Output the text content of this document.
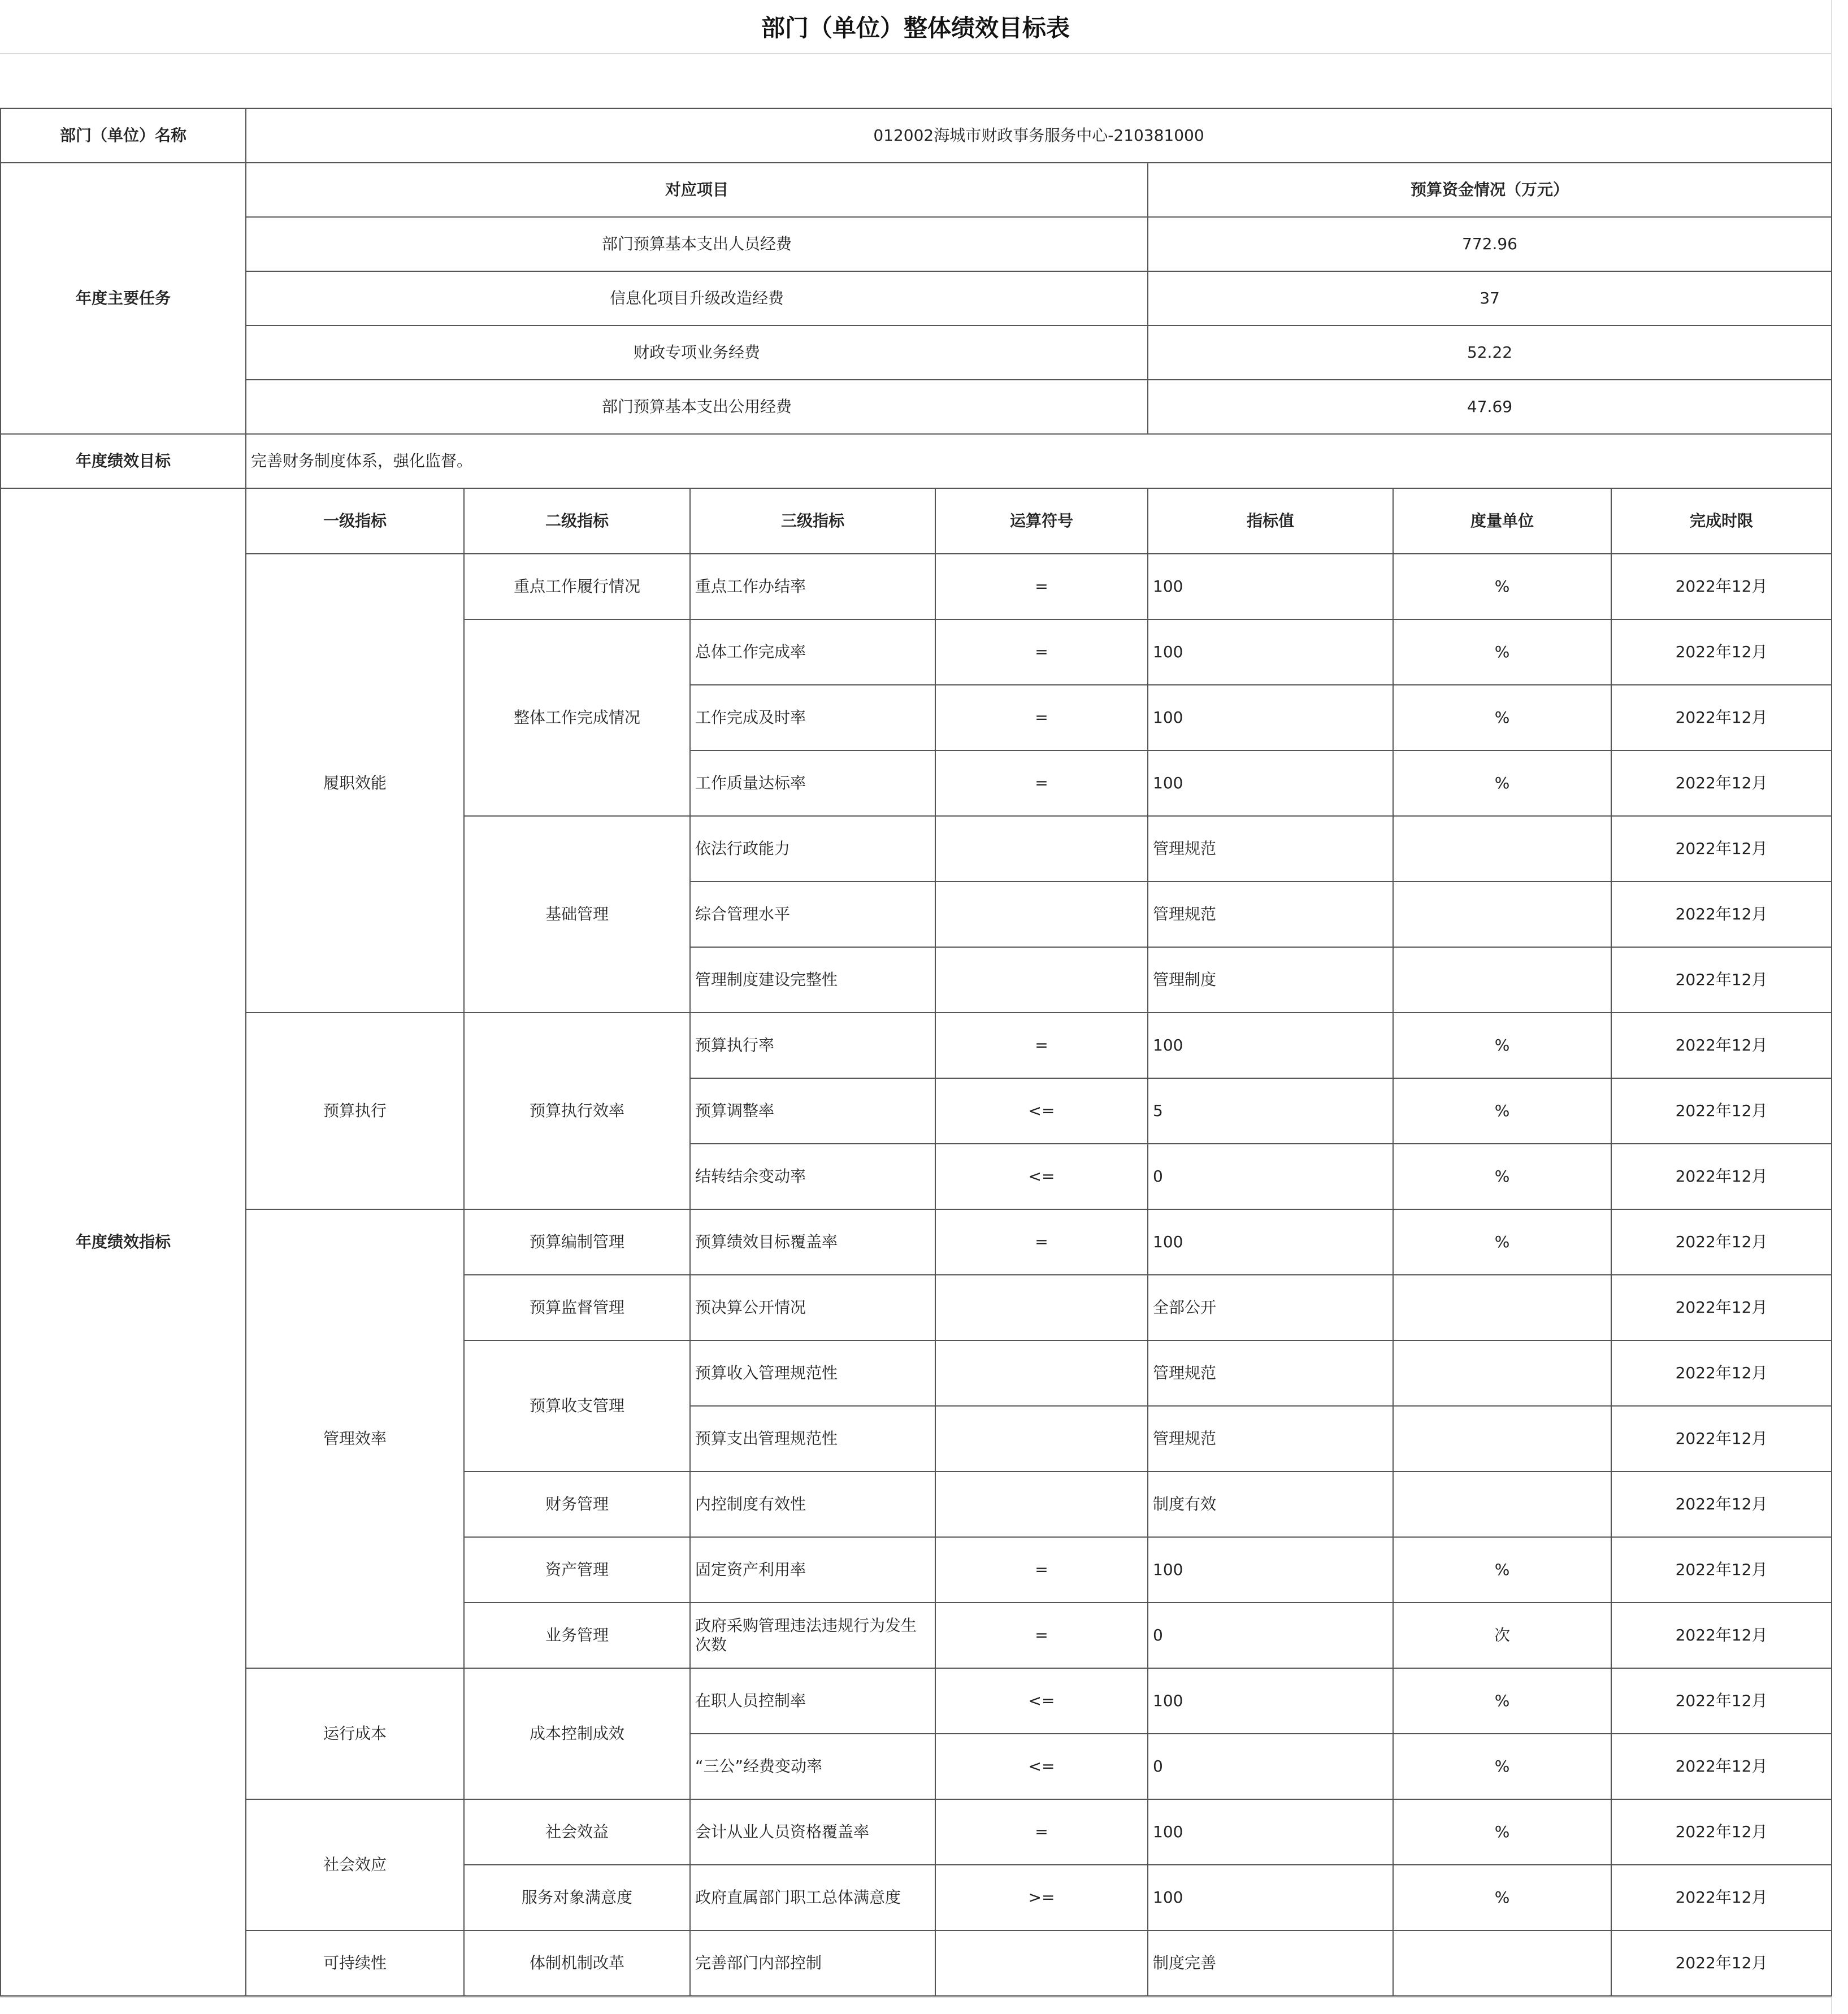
部门（单位）整体绩效目标表
部门（单位）名称	012002海城市财政事务服务中心-210381000						
年度主要任务	对应项目				预算资金情况（万元）		
	部门预算基本支出人员经费				772.96		
	信息化项目升级改造经费				37		
	财政专项业务经费				52.22		
	部门预算基本支出公用经费				47.69		
年度绩效目标	完善财务制度体系，强化监督。						
年度绩效指标	一级指标	二级指标	三级指标	运算符号	指标值	度量单位	完成时限
	履职效能	重点工作履行情况	重点工作办结率	=	100	%	2022年12月
		整体工作完成情况	总体工作完成率	=	100	%	2022年12月
			工作完成及时率	=	100	%	2022年12月
			工作质量达标率	=	100	%	2022年12月
		基础管理	依法行政能力		管理规范		2022年12月
			综合管理水平		管理规范		2022年12月
			管理制度建设完整性		管理制度		2022年12月
	预算执行	预算执行效率	预算执行率	=	100	%	2022年12月
			预算调整率	<=	5	%	2022年12月
			结转结余变动率	<=	0	%	2022年12月
	管理效率	预算编制管理	预算绩效目标覆盖率	=	100	%	2022年12月
		预算监督管理	预决算公开情况		全部公开		2022年12月
		预算收支管理	预算收入管理规范性		管理规范		2022年12月
			预算支出管理规范性		管理规范		2022年12月
		财务管理	内控制度有效性		制度有效		2022年12月
		资产管理	固定资产利用率	=	100	%	2022年12月
		业务管理	政府采购管理违法违规行为发生次数	=	0	次	2022年12月
	运行成本	成本控制成效	在职人员控制率	<=	100	%	2022年12月
			“三公”经费变动率	<=	0	%	2022年12月
	社会效应	社会效益	会计从业人员资格覆盖率	=	100	%	2022年12月
		服务对象满意度	政府直属部门职工总体满意度	>=	100	%	2022年12月
	可持续性	体制机制改革	完善部门内部控制		制度完善		2022年12月
